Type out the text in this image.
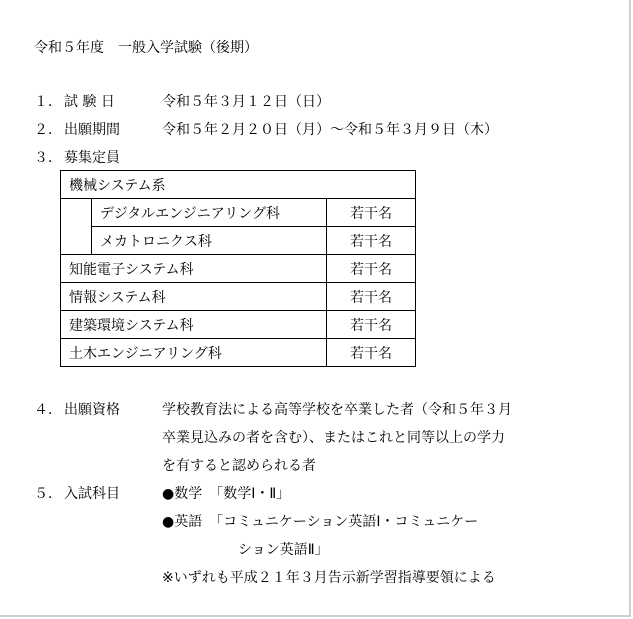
令和５年度　一般入学試験（後期）
１． 試 験 日	令和５年３月１２日（日）
２． 出願期間	令和５年２月２０日（月）～令和５年３月９日（木）
３． 募集定員
機械システム系		
	デジタルエンジニアリング科	若干名
	メカトロニクス科	若干名
知能電子システム科		若干名
情報システム科		若干名
建築環境システム科		若干名
土木エンジニアリング科		若干名
４． 出願資格	学校教育法による高等学校を卒業した者（令和５年３月
卒業見込みの者を含む）、またはこれと同等以上の学力
を有すると認められる者
５． 入試科目	●数学　「数学Ⅰ・Ⅱ」
●英語　「コミュニケーション英語Ⅰ・コミュニケー
ション英語Ⅱ」
※いずれも平成２１年３月告示新学習指導要領による
